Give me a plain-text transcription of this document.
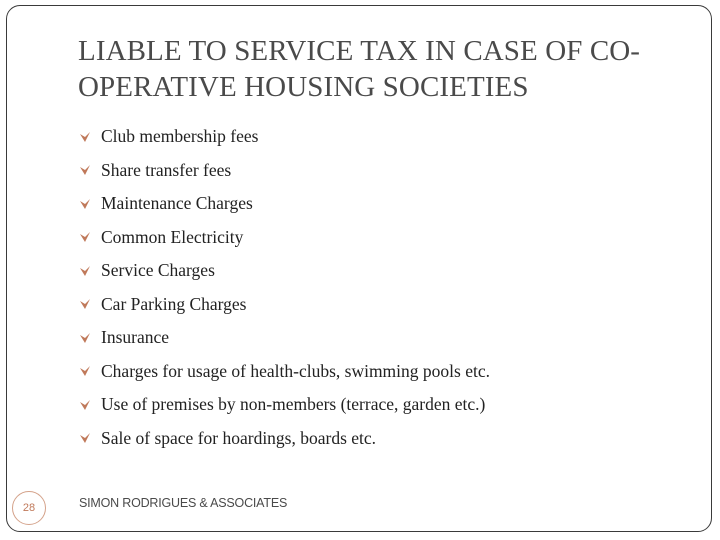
LIABLE TO SERVICE TAX IN CASE OF CO-OPERATIVE HOUSING SOCIETIES
Club membership fees
Share transfer fees
Maintenance Charges
Common Electricity
Service Charges
Car Parking Charges
Insurance
Charges for usage of health-clubs, swimming pools etc.
Use of premises by non-members (terrace, garden etc.)
Sale of space for hoardings, boards etc.
28	SIMON RODRIGUES & ASSOCIATES
